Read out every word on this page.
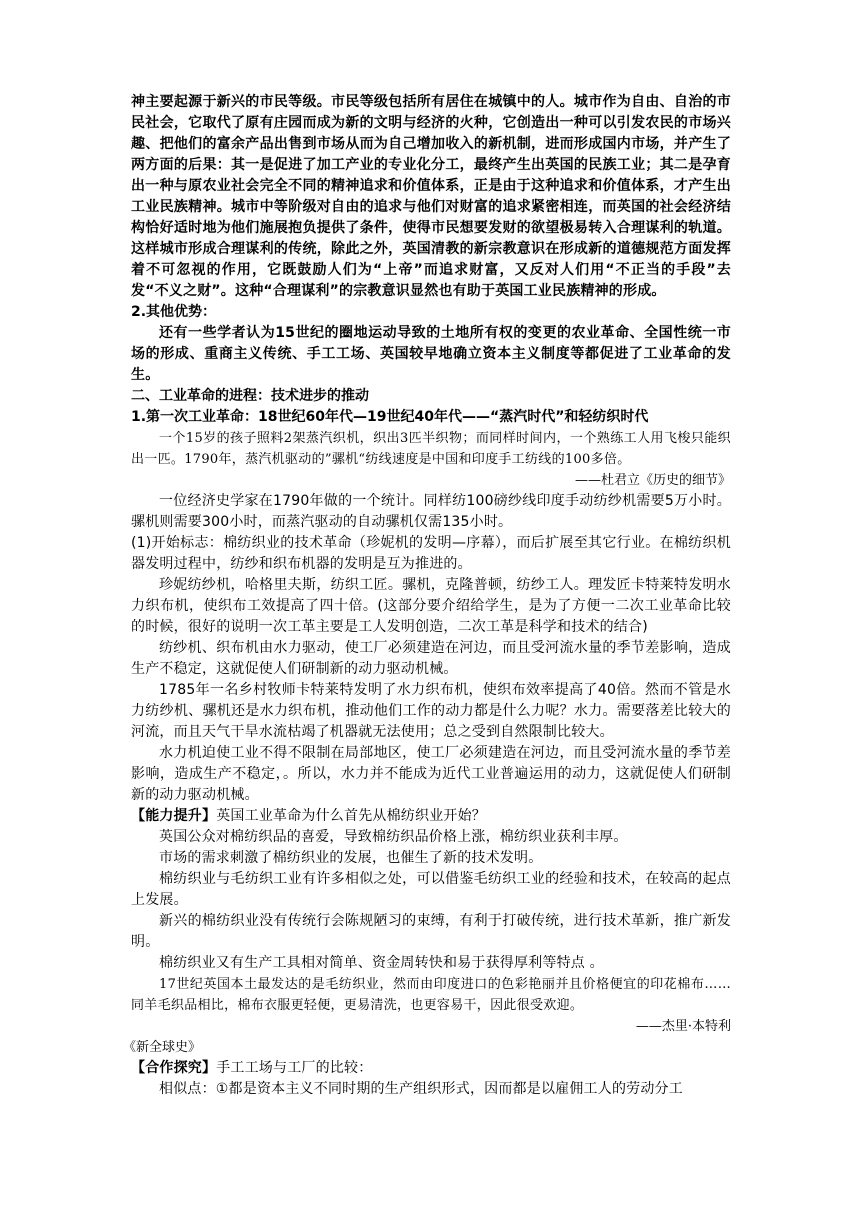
神主要起源于新兴的市民等级。市民等级包括所有居住在城镇中的人。城市作为自由、自治的市民社会，它取代了原有庄园而成为新的文明与经济的火种，它创造出一种可以引发农民的市场兴趣、把他们的富余产品出售到市场从而为自己增加收入的新机制，进而形成国内市场，并产生了两方面的后果：其一是促进了加工产业的专业化分工，最终产生出英国的民族工业；其二是孕育出一种与原农业社会完全不同的精神追求和价值体系，正是由于这种追求和价值体系，才产生出工业民族精神。城市中等阶级对自由的追求与他们对财富的追求紧密相连，而英国的社会经济结构恰好适时地为他们施展抱负提供了条件，使得市民想要发财的欲望极易转入合理谋利的轨道。这样城市形成合理谋利的传统，除此之外，英国清教的新宗教意识在形成新的道德规范方面发挥着不可忽视的作用，它既鼓励人们为“上帝”而追求财富，又反对人们用“不正当的手段”去发“不义之财”。这种“合理谋利”的宗教意识显然也有助于英国工业民族精神的形成。

2.其他优势：

还有一些学者认为15世纪的圈地运动导致的土地所有权的变更的农业革命、全国性统一市场的形成、重商主义传统、手工工场、英国较早地确立资本主义制度等都促进了工业革命的发生。

二、工业革命的进程：技术进步的推动

1.第一次工业革命：18世纪60年代—19世纪40年代——“蒸汽时代”和轻纺织时代

一个15岁的孩子照料2架蒸汽织机，织出3匹半织物；而同样时间内，一个熟练工人用飞梭只能织出一匹。1790年，蒸汽机驱动的”骡机“纺线速度是中国和印度手工纺线的100多倍。

——杜君立《历史的细节》

一位经济史学家在1790年做的一个统计。同样纺100磅纱线印度手动纺纱机需要5万小时。骡机则需要300小时，而蒸汽驱动的自动骡机仅需135小时。

(1)开始标志：棉纺织业的技术革命（珍妮机的发明—序幕），而后扩展至其它行业。在棉纺织机器发明过程中，纺纱和织布机器的发明是互为推进的。

珍妮纺纱机，哈格里夫斯，纺织工匠。骡机，克隆普顿，纺纱工人。理发匠卡特莱特发明水力织布机，使织布工效提高了四十倍。(这部分要介绍给学生，是为了方便一二次工业革命比较的时候，很好的说明一次工革主要是工人发明创造，二次工革是科学和技术的结合)

纺纱机、织布机由水力驱动，使工厂必须建造在河边，而且受河流水量的季节差影响，造成生产不稳定，这就促使人们研制新的动力驱动机械。

1785年一名乡村牧师卡特莱特发明了水力织布机，使织布效率提高了40倍。然而不管是水力纺纱机、骡机还是水力织布机，推动他们工作的动力都是什么力呢？水力。需要落差比较大的河流，而且天气干旱水流枯竭了机器就无法使用；总之受到自然限制比较大。

水力机迫使工业不得不限制在局部地区，使工厂必须建造在河边，而且受河流水量的季节差影响，造成生产不稳定，。所以，水力并不能成为近代工业普遍运用的动力，这就促使人们研制新的动力驱动机械。

【能力提升】英国工业革命为什么首先从棉纺织业开始？

英国公众对棉纺织品的喜爱，导致棉纺织品价格上涨，棉纺织业获利丰厚。

市场的需求刺激了棉纺织业的发展，也催生了新的技术发明。

棉纺织业与毛纺织工业有许多相似之处，可以借鉴毛纺织工业的经验和技术，在较高的起点上发展。

新兴的棉纺织业没有传统行会陈规陋习的束缚，有利于打破传统，进行技术革新，推广新发明。

棉纺织业又有生产工具相对简单、资金周转快和易于获得厚利等特点 。

17世纪英国本土最发达的是毛纺织业，然而由印度进口的色彩艳丽并且价格便宜的印花棉布……同羊毛织品相比，棉布衣服更轻便，更易清洗，也更容易干，因此很受欢迎。

——杰里·本特利

《新全球史》

【合作探究】手工工场与工厂的比较：

相似点：①都是资本主义不同时期的生产组织形式，因而都是以雇佣工人的劳动分工
